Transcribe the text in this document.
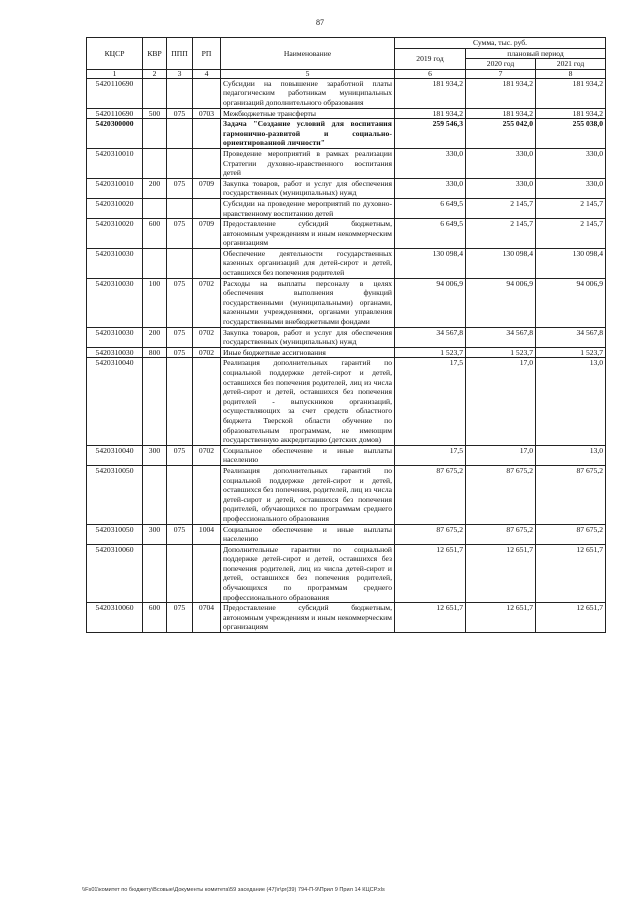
87
КЦСР	КВР	ППП	РП	Наименование	Сумма, тыс. руб.		
					2019 год	плановый период	
						2020 год	2021 год
1	2	3	4	5	6	7	8
5420110690				Субсидии на повышение заработной платы педагогическим работникам муниципальных организаций дополнительного образования	181 934,2	181 934,2	181 934,2
5420110690	500	075	0703	Межбюджетные трансферты	181 934,2	181 934,2	181 934,2
5420300000				Задача "Создание условий для воспитания гармонично-развитой и социально-ориентированной личности"	259 546,3	255 042,0	255 038,0
5420310010				Проведение мероприятий в рамках реализации Стратегии духовно-нравственного воспитания детей	330,0	330,0	330,0
5420310010	200	075	0709	Закупка товаров, работ и услуг для обеспечения государственных (муниципальных) нужд	330,0	330,0	330,0
5420310020				Субсидии на проведение мероприятий по духовно-нравственному воспитанию детей	6 649,5	2 145,7	2 145,7
5420310020	600	075	0709	Предоставление субсидий бюджетным, автономным учреждениям и иным некоммерческим организациям	6 649,5	2 145,7	2 145,7
5420310030				Обеспечение деятельности государственных казенных организаций для детей-сирот и детей, оставшихся без попечения родителей	130 098,4	130 098,4	130 098,4
5420310030	100	075	0702	Расходы на выплаты персоналу в целях обеспечения выполнения функций государственными (муниципальными) органами, казенными учреждениями, органами управления государственными внебюджетными фондами	94 006,9	94 006,9	94 006,9
5420310030	200	075	0702	Закупка товаров, работ и услуг для обеспечения государственных (муниципальных) нужд	34 567,8	34 567,8	34 567,8
5420310030	800	075	0702	Иные бюджетные ассигнования	1 523,7	1 523,7	1 523,7
5420310040				Реализация дополнительных гарантий по социальной поддержке детей-сирот и детей, оставшихся без попечения родителей, лиц из числа детей-сирот и детей, оставшихся без попечения родителей - выпускников организаций, осуществляющих за счет средств областного бюджета Тверской области обучение по образовательным программам, не имеющим государственную аккредитацию (детских домов)	17,5	17,0	13,0
5420310040	300	075	0702	Социальное обеспечение и иные выплаты населению	17,5	17,0	13,0
5420310050				Реализация дополнительных гарантий по социальной поддержке детей-сирот и детей, оставшихся без попечения, родителей, лиц из числа детей-сирот и детей, оставшихся без попечения родителей, обучающихся по программам среднего профессионального образования	87 675,2	87 675,2	87 675,2
5420310050	300	075	1004	Социальное обеспечение и иные выплаты населению	87 675,2	87 675,2	87 675,2
5420310060				Дополнительные гарантии по социальной поддержке детей-сирот и детей, оставшихся без попечения родителей, лиц из числа детей-сирот и детей, оставшихся без попечения родителей, обучающихся по программам среднего профессионального образования	12 651,7	12 651,7	12 651,7
5420310060	600	075	0704	Предоставление субсидий бюджетным, автономным учреждениям и иным некоммерческим организациям	12 651,7	12 651,7	12 651,7
\\Fs01\комитет по бюджету\Всовые\Документы комитета\59 заседание (47)\r\pr(39) 794-П-9\Прил 9 Прил 14 КЦСР.xls
